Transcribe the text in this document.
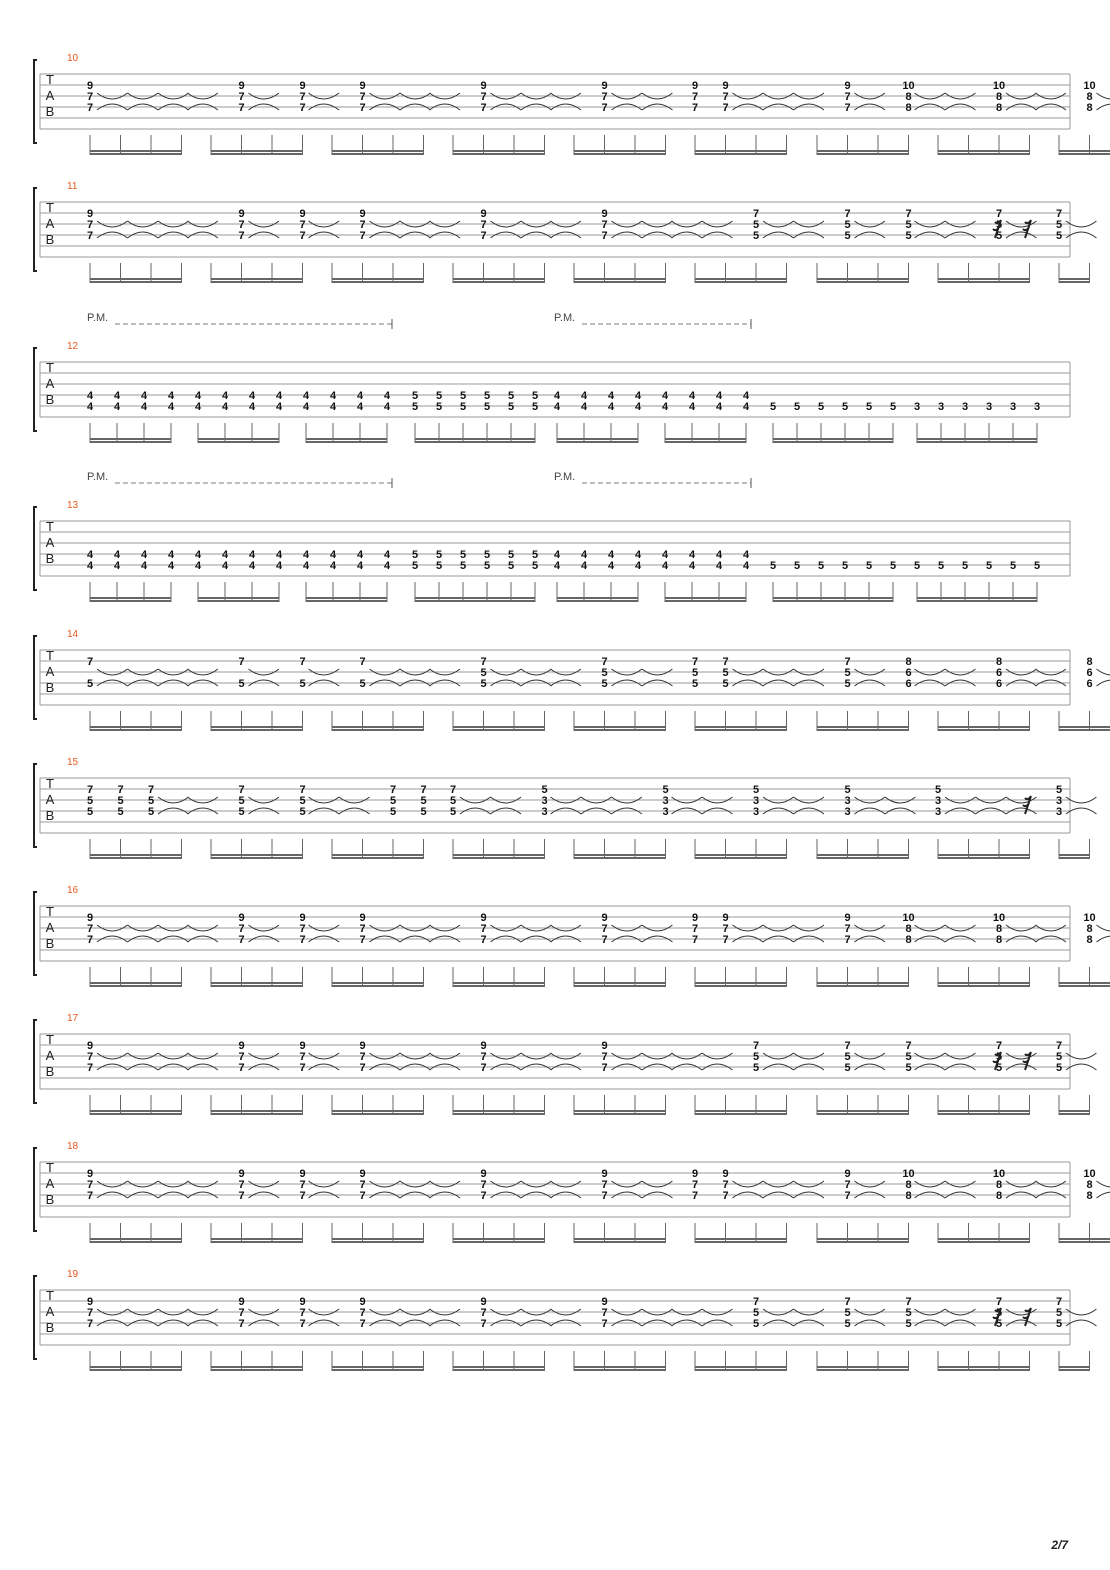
T
A
B
10
9
7
7
9
7
7
9
7
7
9
7
7
9
7
7
9
7
7
9
7
7
9
7
7
9
7
7
10
8
8
10
8
8
10
8
8
T
A
B
11
9
7
7
9
7
7
9
7
7
9
7
7
9
7
7
9
7
7
7
5
5
7
5
5
7
5
5
7
5
5
7
5
5
T
A
B
12
P.M.	P.M.
4
4
4
4
4
4
4
4
4
4
4
4
4
4
4
4
4
4
4
4
4
4
4
4
5
5
5
5
5
5
5
5
5
5
5
5
4
4
4
4
4
4
4
4
4
4
4
4
4
4
4
4 5 5 5 5 5 5 3 3 3 3 3 3
T
A
B
13
P.M.	P.M.
4
4
4
4
4
4
4
4
4
4
4
4
4
4
4
4
4
4
4
4
4
4
4
4
5
5
5
5
5
5
5
5
5
5
5
5
4
4
4
4
4
4
4
4
4
4
4
4
4
4
4
4 5 5 5 5 5 5 5 5 5 5 5 5
T
A
B
14
7
5
7
5
7
5
7
5
7
5
5
7
5
5
7
5
5
7
5
5
7
5
5
8
6
6
8
6
6
8
6
6
T
A
B
15
7
5
5
7
5
5
7
5
5
7
5
5
7
5
5
7
5
5
7
5
5
7
5
5
5
3
3
5
3
3
5
3
3
5
3
3
5
3
3
5
3
3
T
A
B
16
9
7
7
9
7
7
9
7
7
9
7
7
9
7
7
9
7
7
9
7
7
9
7
7
9
7
7
10
8
8
10
8
8
10
8
8
T
A
B
17
9
7
7
9
7
7
9
7
7
9
7
7
9
7
7
9
7
7
7
5
5
7
5
5
7
5
5
7
5
5
7
5
5
T
A
B
18
9
7
7
9
7
7
9
7
7
9
7
7
9
7
7
9
7
7
9
7
7
9
7
7
9
7
7
10
8
8
10
8
8
10
8
8
T
A
B
19
9
7
7
9
7
7
9
7
7
9
7
7
9
7
7
9
7
7
7
5
5
7
5
5
7
5
5
7
5
5
7
5
5
2/7
